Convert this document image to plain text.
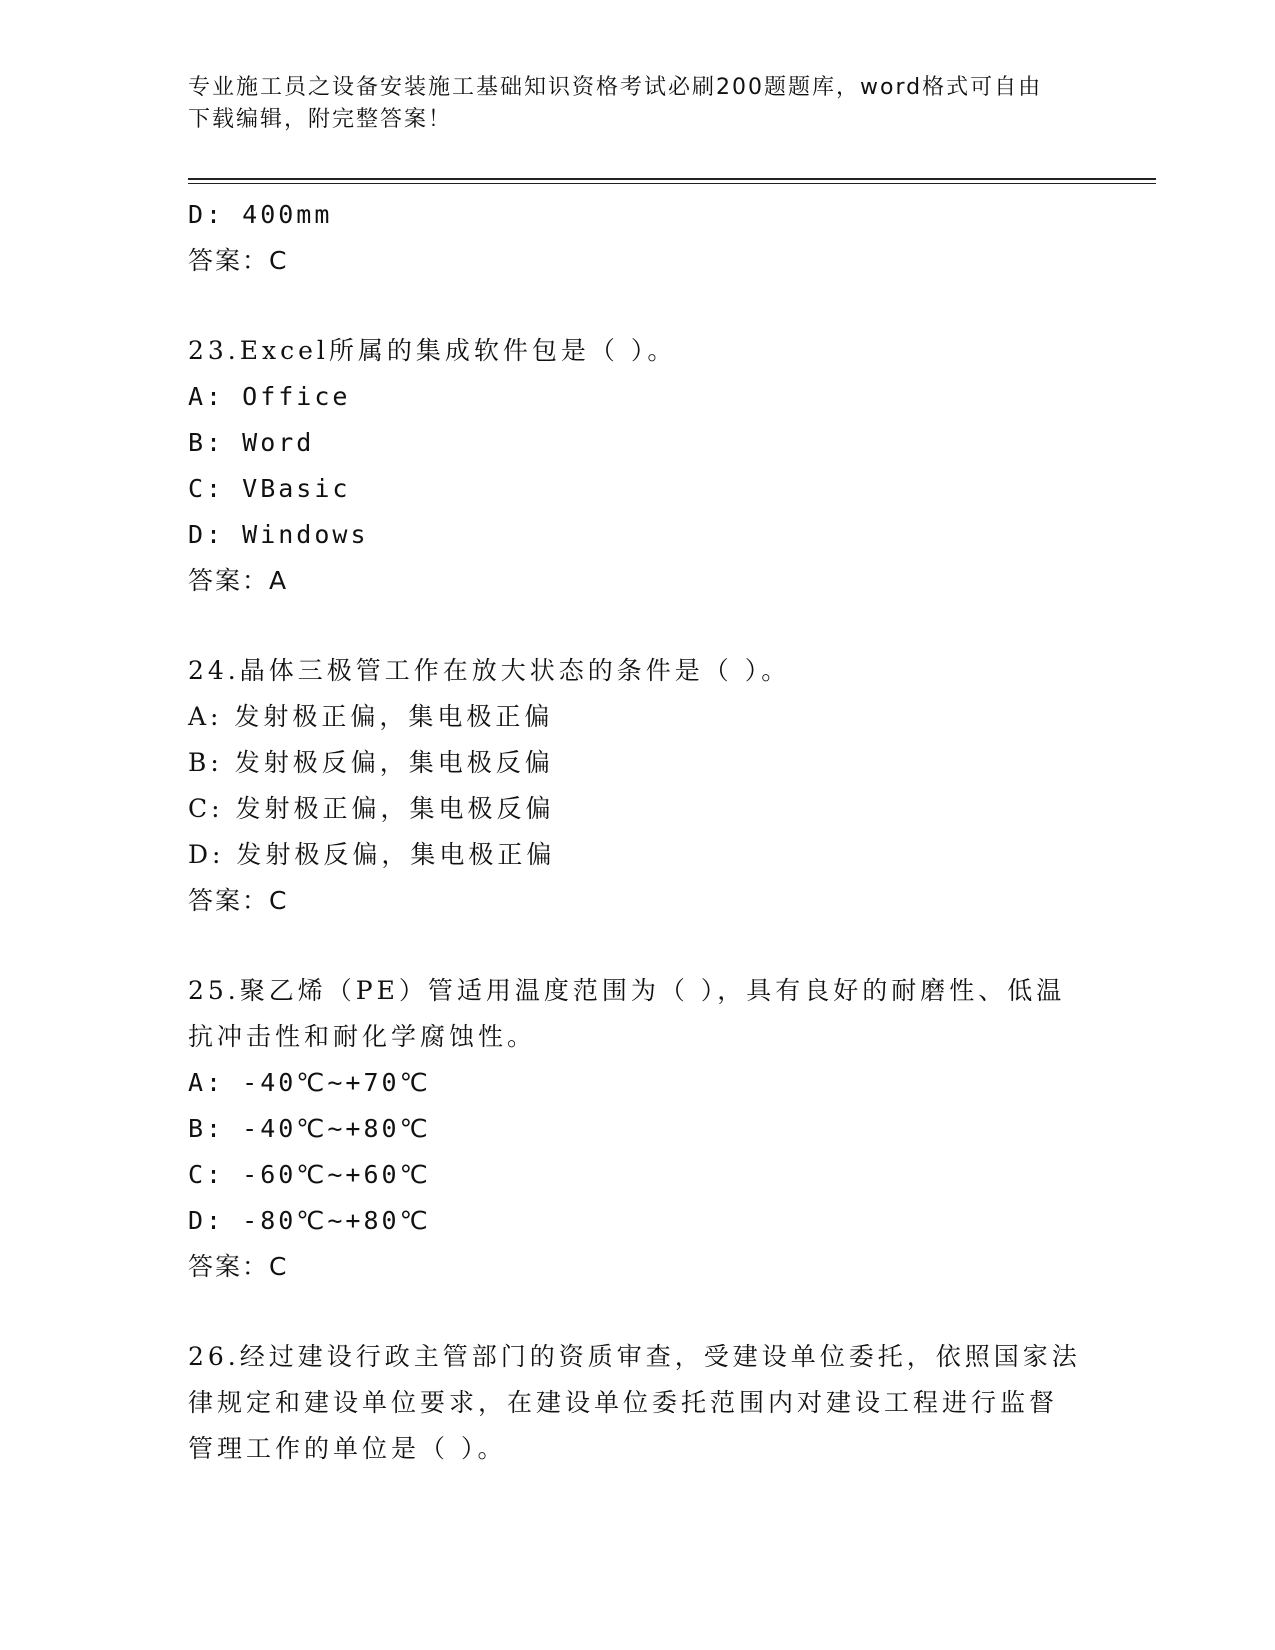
专业施工员之设备安装施工基础知识资格考试必刷200题题库，word格式可自由
下载编辑，附完整答案！
D: 400mm
答案：C
23.Excel所属的集成软件包是（ ）。
A: Office
B: Word
C: VBasic
D: Windows
答案：A
24.晶体三极管工作在放大状态的条件是（ ）。
A: 发射极正偏，集电极正偏
B: 发射极反偏，集电极反偏
C: 发射极正偏，集电极反偏
D: 发射极反偏，集电极正偏
答案：C
25.聚乙烯（PE）管适用温度范围为（ ），具有良好的耐磨性、低温
抗冲击性和耐化学腐蚀性。
A: -40℃~+70℃
B: -40℃~+80℃
C: -60℃~+60℃
D: -80℃~+80℃
答案：C
26.经过建设行政主管部门的资质审查，受建设单位委托，依照国家法
律规定和建设单位要求，在建设单位委托范围内对建设工程进行监督
管理工作的单位是（ ）。
